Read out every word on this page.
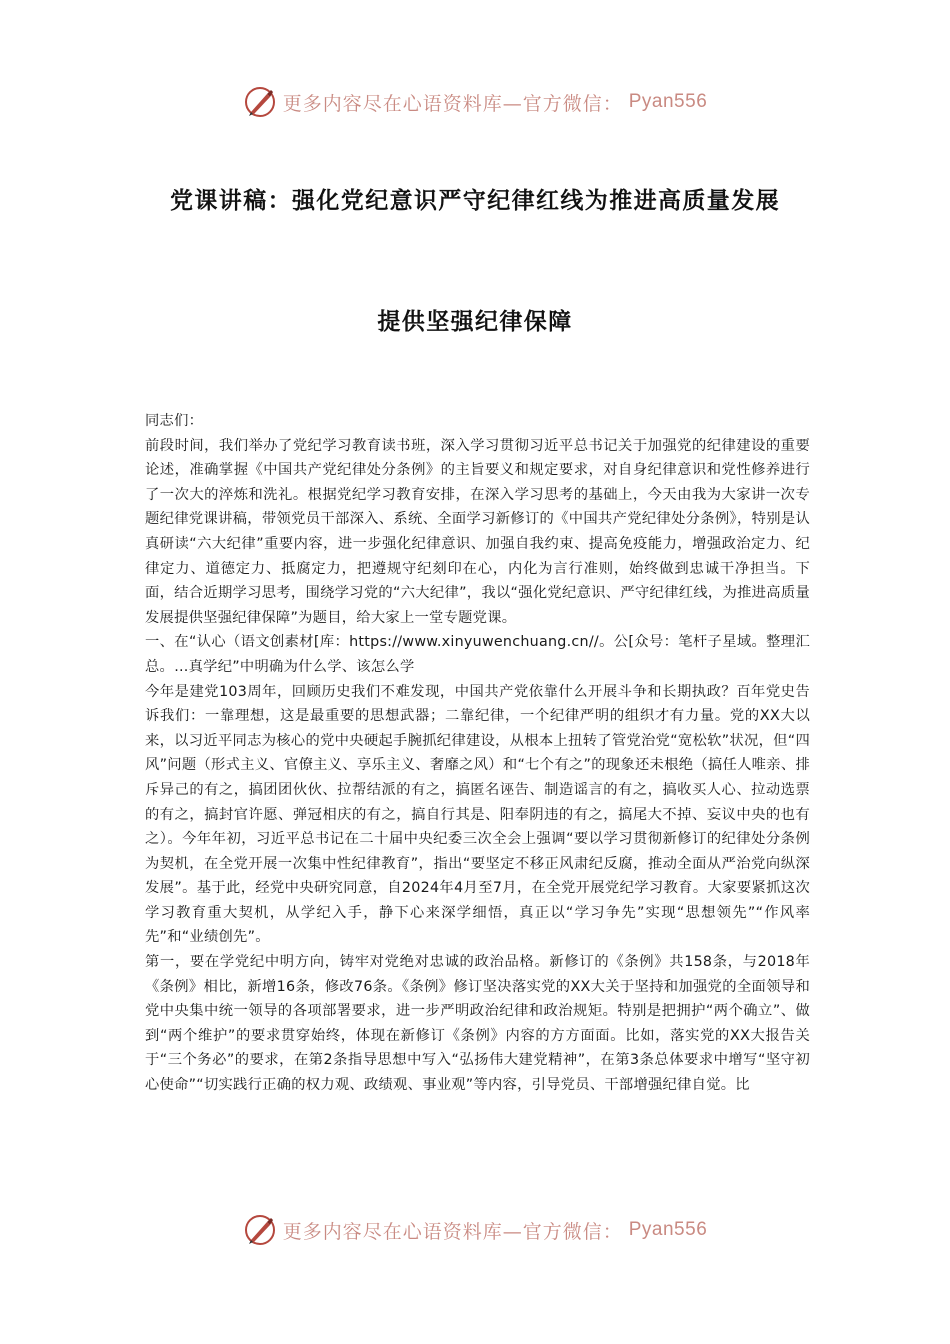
更多内容尽在心语资料库—官方微信： Pyan556
党课讲稿：强化党纪意识严守纪律红线为推进高质量发展
提供坚强纪律保障

同志们：

前段时间，我们举办了党纪学习教育读书班，深入学习贯彻习近平总书记关于加强党的纪律建设的重要论述，准确掌握《中国共产党纪律处分条例》的主旨要义和规定要求，对自身纪律意识和党性修养进行了一次大的淬炼和洗礼。根据党纪学习教育安排，在深入学习思考的基础上，今天由我为大家讲一次专题纪律党课讲稿，带领党员干部深入、系统、全面学习新修订的《中国共产党纪律处分条例》，特别是认真研读“六大纪律”重要内容，进一步强化纪律意识、加强自我约束、提高免疫能力，增强政治定力、纪律定力、道德定力、抵腐定力，把遵规守纪刻印在心，内化为言行准则，始终做到忠诚干净担当。下面，结合近期学习思考，围绕学习党的“六大纪律”，我以“强化党纪意识、严守纪律红线，为推进高质量发展提供坚强纪律保障”为题目，给大家上一堂专题党课。

一、在“认心（语文创素材[库：https://www.xinyuwenchuang.cn//。公[众号：笔杆子星域。整理汇总。…真学纪”中明确为什么学、该怎么学

今年是建党103周年，回顾历史我们不难发现，中国共产党依靠什么开展斗争和长期执政？百年党史告诉我们：一靠理想，这是最重要的思想武器；二靠纪律，一个纪律严明的组织才有力量。党的XX大以来，以习近平同志为核心的党中央硬起手腕抓纪律建设，从根本上扭转了管党治党“宽松软”状况，但“四风”问题（形式主义、官僚主义、享乐主义、奢靡之风）和“七个有之”的现象还未根绝（搞任人唯亲、排斥异己的有之，搞团团伙伙、拉帮结派的有之，搞匿名诬告、制造谣言的有之，搞收买人心、拉动选票的有之，搞封官许愿、弹冠相庆的有之，搞自行其是、阳奉阴违的有之，搞尾大不掉、妄议中央的也有之）。今年年初，习近平总书记在二十届中央纪委三次全会上强调“要以学习贯彻新修订的纪律处分条例为契机，在全党开展一次集中性纪律教育”，指出“要坚定不移正风肃纪反腐，推动全面从严治党向纵深发展”。基于此，经党中央研究同意，自2024年4月至7月，在全党开展党纪学习教育。大家要紧抓这次学习教育重大契机，从学纪入手，静下心来深学细悟，真正以“学习争先”实现“思想领先”“作风率先”和“业绩创先”。

第一，要在学党纪中明方向，铸牢对党绝对忠诚的政治品格。新修订的《条例》共158条，与2018年《条例》相比，新增16条，修改76条。《条例》修订坚决落实党的XX大关于坚持和加强党的全面领导和党中央集中统一领导的各项部署要求，进一步严明政治纪律和政治规矩。特别是把拥护“两个确立”、做到“两个维护”的要求贯穿始终，体现在新修订《条例》内容的方方面面。比如，落实党的XX大报告关于“三个务必”的要求，在第2条指导思想中写入“弘扬伟大建党精神”，在第3条总体要求中增写“坚守初心使命”“切实践行正确的权力观、政绩观、事业观”等内容，引导党员、干部增强纪律自觉。比

更多内容尽在心语资料库—官方微信： Pyan556
